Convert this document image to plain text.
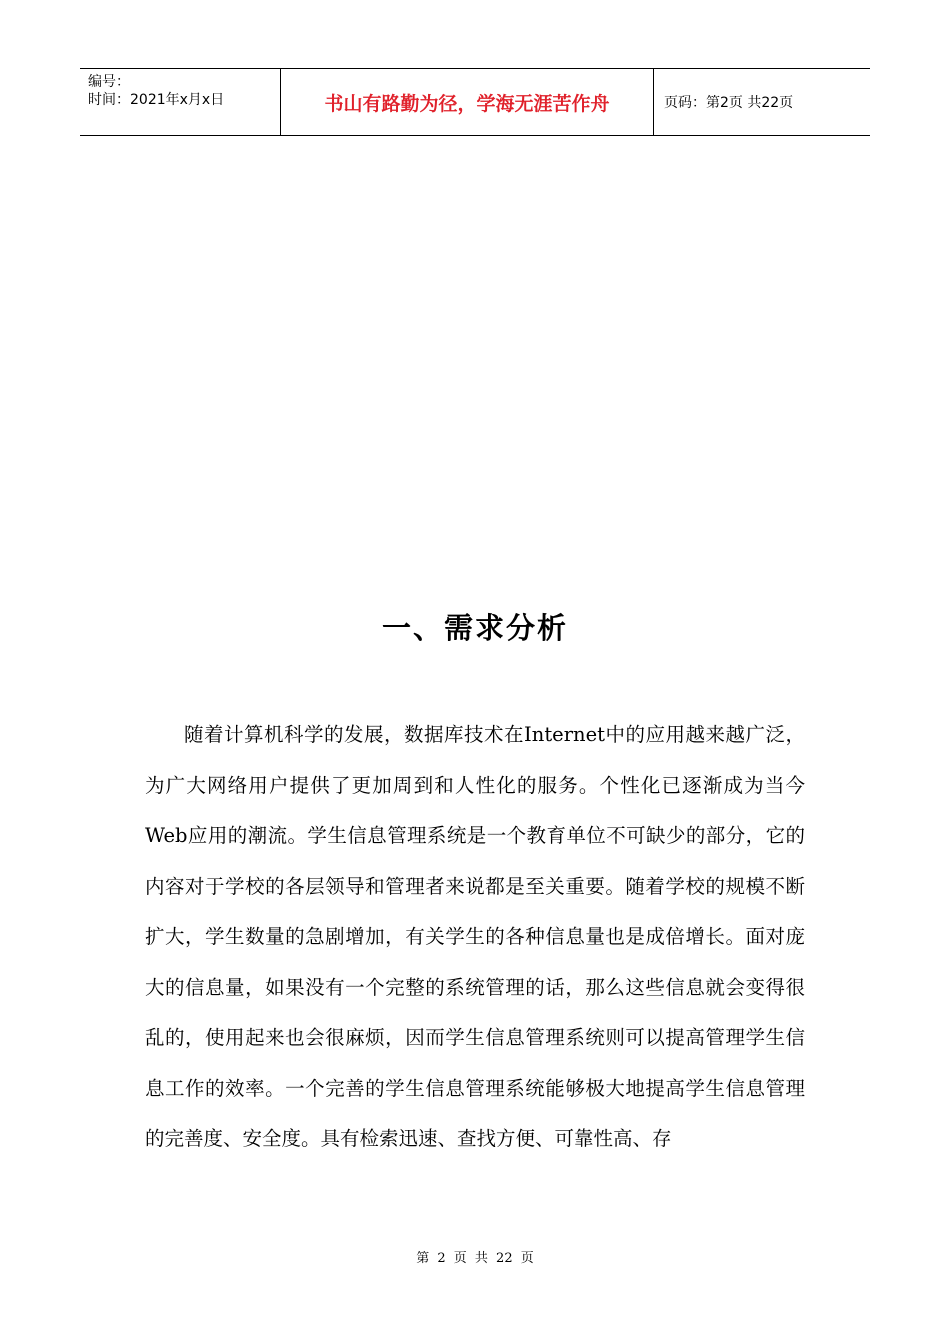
编号：
时间：2021年x月x日	书山有路勤为径，学海无涯苦作舟	页码：第2页 共22页
一、需求分析

随着计算机科学的发展，数据库技术在Internet中的应用越来越广泛，为广大网络用户提供了更加周到和人性化的服务。个性化已逐渐成为当今Web应用的潮流。学生信息管理系统是一个教育单位不可缺少的部分，它的内容对于学校的各层领导和管理者来说都是至关重要。随着学校的规模不断扩大，学生数量的急剧增加，有关学生的各种信息量也是成倍增长。面对庞大的信息量，如果没有一个完整的系统管理的话，那么这些信息就会变得很乱的，使用起来也会很麻烦，因而学生信息管理系统则可以提高管理学生信息工作的效率。一个完善的学生信息管理系统能够极大地提高学生信息管理的完善度、安全度。具有检索迅速、查找方便、可靠性高、存

第 2 页 共 22 页
